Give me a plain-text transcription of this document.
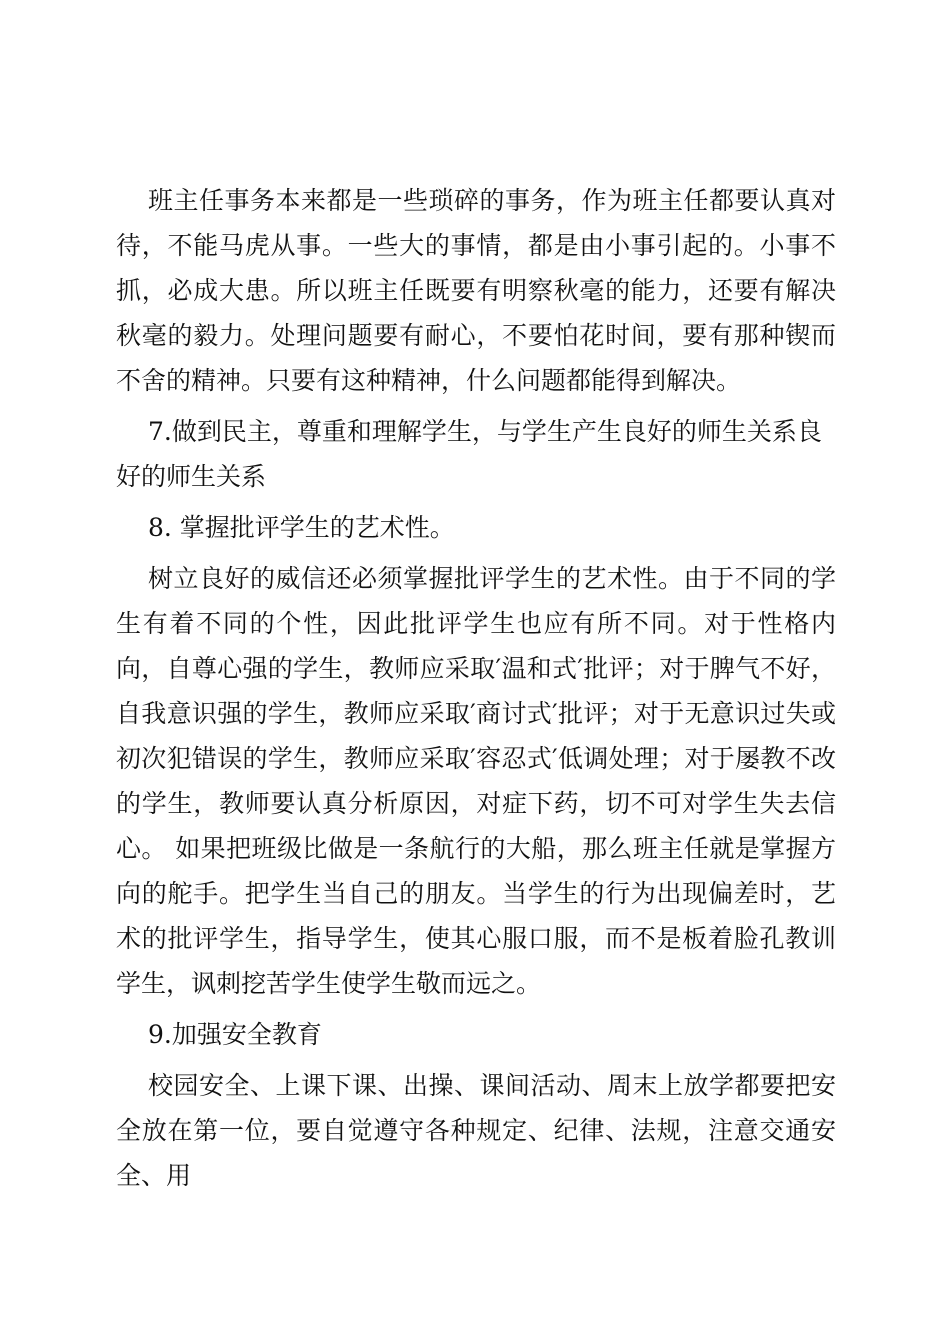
班主任事务本来都是一些琐碎的事务，作为班主任都要认真对待，不能马虎从事。一些大的事情，都是由小事引起的。小事不抓，必成大患。所以班主任既要有明察秋毫的能力，还要有解决秋毫的毅力。处理问题要有耐心，不要怕花时间，要有那种锲而不舍的精神。只要有这种精神，什么问题都能得到解决。

7.做到民主，尊重和理解学生，与学生产生良好的师生关系良好的师生关系

8. 掌握批评学生的艺术性。

树立良好的威信还必须掌握批评学生的艺术性。由于不同的学生有着不同的个性，因此批评学生也应有所不同。对于性格内向，自尊心强的学生，教师应采取′温和式′批评；对于脾气不好，自我意识强的学生，教师应采取′商讨式′批评；对于无意识过失或初次犯错误的学生，教师应采取′容忍式′低调处理；对于屡教不改的学生，教师要认真分析原因，对症下药，切不可对学生失去信心。 如果把班级比做是一条航行的大船，那么班主任就是掌握方向的舵手。把学生当自己的朋友。当学生的行为出现偏差时，艺术的批评学生，指导学生，使其心服口服，而不是板着脸孔教训学生，讽刺挖苦学生使学生敬而远之。

9.加强安全教育

校园安全、上课下课、出操、课间活动、周末上放学都要把安全放在第一位，要自觉遵守各种规定、纪律、法规，注意交通安全、用
